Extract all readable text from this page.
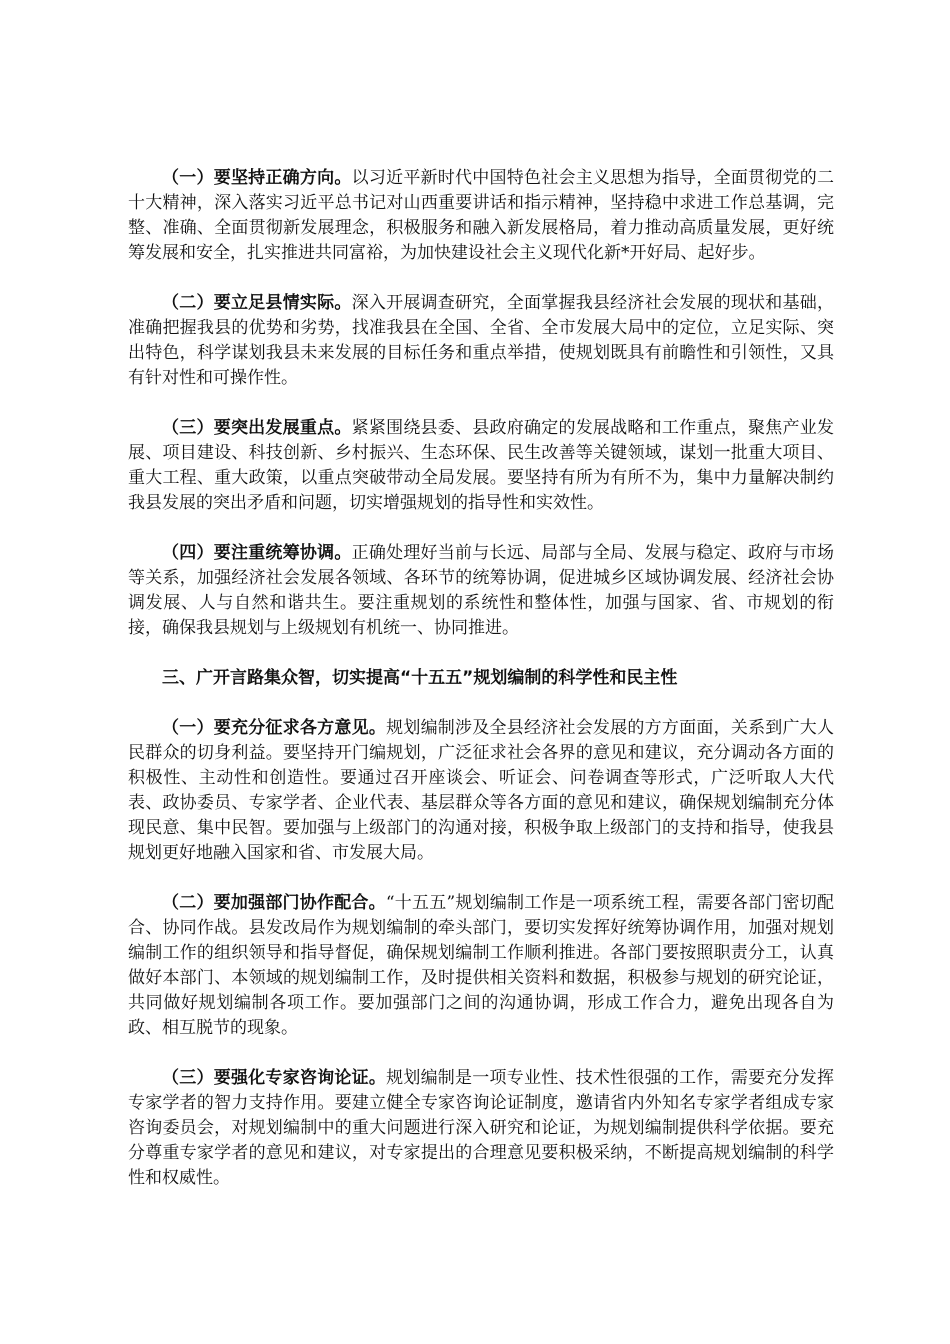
（一）要坚持正确方向。以习近平新时代中国特色社会主义思想为指导，全面贯彻党的二十大精神，深入落实习近平总书记对山西重要讲话和指示精神，坚持稳中求进工作总基调，完整、准确、全面贯彻新发展理念，积极服务和融入新发展格局，着力推动高质量发展，更好统筹发展和安全，扎实推进共同富裕，为加快建设社会主义现代化新*开好局、起好步。

（二）要立足县情实际。深入开展调查研究，全面掌握我县经济社会发展的现状和基础，准确把握我县的优势和劣势，找准我县在全国、全省、全市发展大局中的定位，立足实际、突出特色，科学谋划我县未来发展的目标任务和重点举措，使规划既具有前瞻性和引领性，又具有针对性和可操作性。

（三）要突出发展重点。紧紧围绕县委、县政府确定的发展战略和工作重点，聚焦产业发展、项目建设、科技创新、乡村振兴、生态环保、民生改善等关键领域，谋划一批重大项目、重大工程、重大政策，以重点突破带动全局发展。要坚持有所为有所不为，集中力量解决制约我县发展的突出矛盾和问题，切实增强规划的指导性和实效性。

（四）要注重统筹协调。正确处理好当前与长远、局部与全局、发展与稳定、政府与市场等关系，加强经济社会发展各领域、各环节的统筹协调，促进城乡区域协调发展、经济社会协调发展、人与自然和谐共生。要注重规划的系统性和整体性，加强与国家、省、市规划的衔接，确保我县规划与上级规划有机统一、协同推进。

三、广开言路集众智，切实提高“十五五”规划编制的科学性和民主性

（一）要充分征求各方意见。规划编制涉及全县经济社会发展的方方面面，关系到广大人民群众的切身利益。要坚持开门编规划，广泛征求社会各界的意见和建议，充分调动各方面的积极性、主动性和创造性。要通过召开座谈会、听证会、问卷调查等形式，广泛听取人大代表、政协委员、专家学者、企业代表、基层群众等各方面的意见和建议，确保规划编制充分体现民意、集中民智。要加强与上级部门的沟通对接，积极争取上级部门的支持和指导，使我县规划更好地融入国家和省、市发展大局。

（二）要加强部门协作配合。“十五五”规划编制工作是一项系统工程，需要各部门密切配合、协同作战。县发改局作为规划编制的牵头部门，要切实发挥好统筹协调作用，加强对规划编制工作的组织领导和指导督促，确保规划编制工作顺利推进。各部门要按照职责分工，认真做好本部门、本领域的规划编制工作，及时提供相关资料和数据，积极参与规划的研究论证，共同做好规划编制各项工作。要加强部门之间的沟通协调，形成工作合力，避免出现各自为政、相互脱节的现象。

（三）要强化专家咨询论证。规划编制是一项专业性、技术性很强的工作，需要充分发挥专家学者的智力支持作用。要建立健全专家咨询论证制度，邀请省内外知名专家学者组成专家咨询委员会，对规划编制中的重大问题进行深入研究和论证，为规划编制提供科学依据。要充分尊重专家学者的意见和建议，对专家提出的合理意见要积极采纳，不断提高规划编制的科学性和权威性。
